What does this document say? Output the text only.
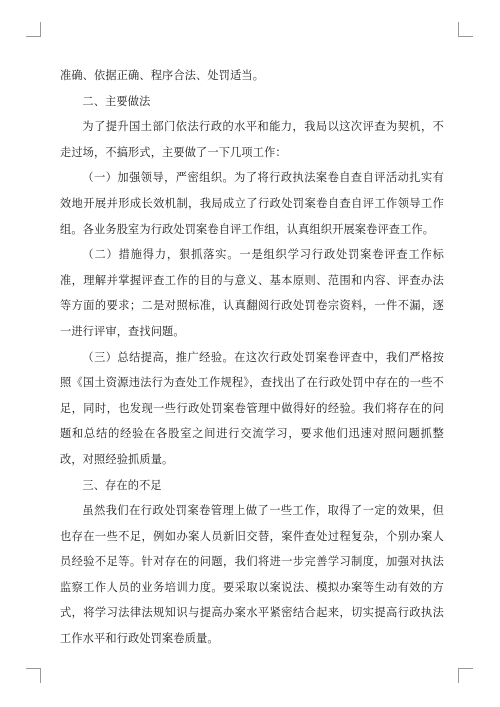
准确、依据正确、程序合法、处罚适当。

二、主要做法

为了提升国土部门依法行政的水平和能力，我局以这次评查为契机，不走过场，不搞形式，主要做了一下几项工作：

（一）加强领导，严密组织。为了将行政执法案卷自查自评活动扎实有效地开展并形成长效机制，我局成立了行政处罚案卷自查自评工作领导工作组。各业务股室为行政处罚案卷自评工作组，认真组织开展案卷评查工作。

（二）措施得力，狠抓落实。一是组织学习行政处罚案卷评查工作标准，理解并掌握评查工作的目的与意义、基本原则、范围和内容、评查办法等方面的要求；二是对照标准，认真翻阅行政处罚卷宗资料，一件不漏，逐一进行评审，查找问题。

（三）总结提高，推广经验。在这次行政处罚案卷评查中，我们严格按照《国土资源违法行为查处工作规程》，查找出了在行政处罚中存在的一些不足，同时，也发现一些行政处罚案卷管理中做得好的经验。我们将存在的问题和总结的经验在各股室之间进行交流学习，要求他们迅速对照问题抓整改，对照经验抓质量。

三、存在的不足

虽然我们在行政处罚案卷管理上做了一些工作，取得了一定的效果，但也存在一些不足，例如办案人员新旧交替，案件查处过程复杂，个别办案人员经验不足等。针对存在的问题，我们将进一步完善学习制度，加强对执法监察工作人员的业务培训力度。要采取以案说法、模拟办案等生动有效的方式，将学习法律法规知识与提高办案水平紧密结合起来，切实提高行政执法工作水平和行政处罚案卷质量。
